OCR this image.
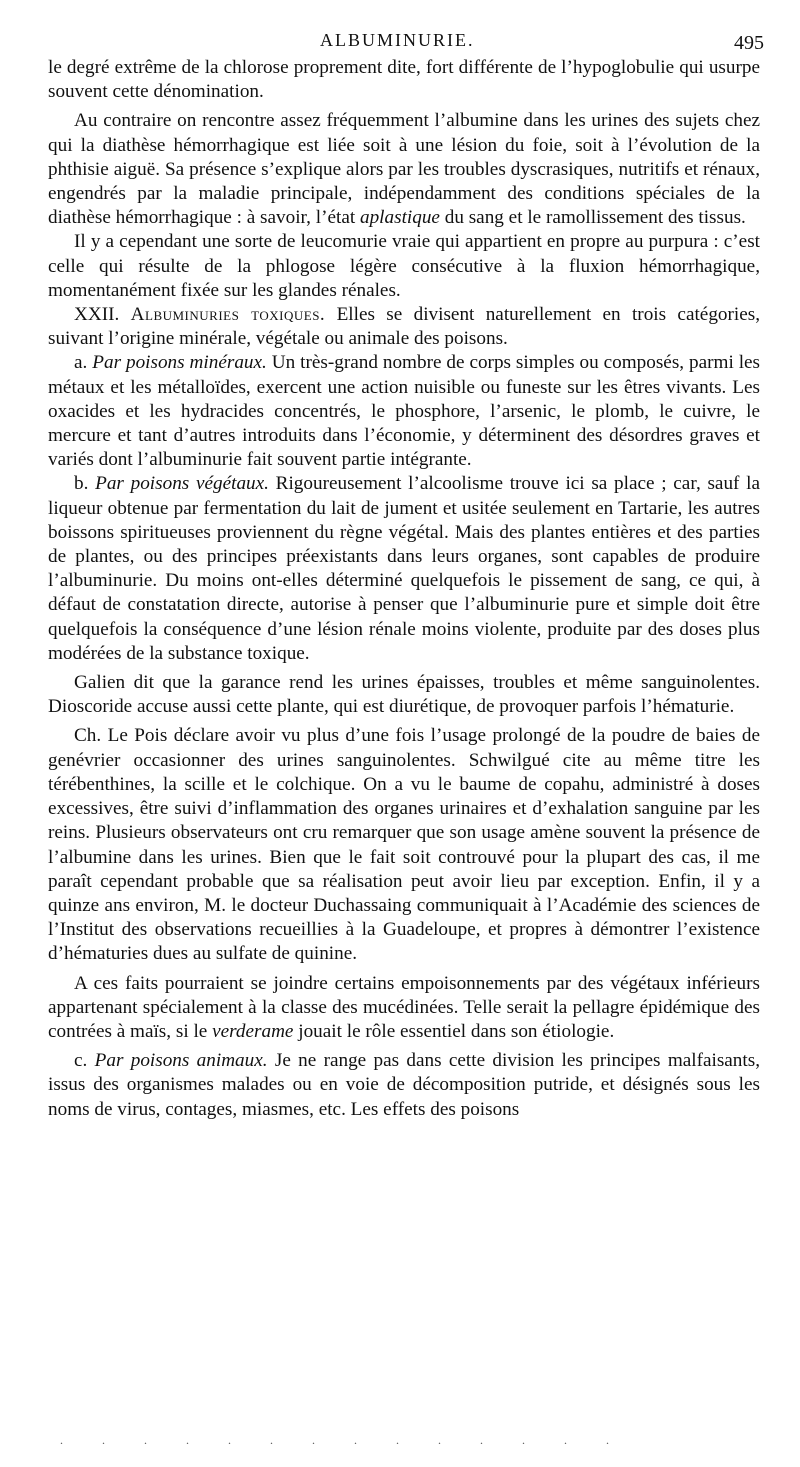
ALBUMINURIE.	495

le degré extrême de la chlorose proprement dite, fort différente de l’hypoglobulie qui usurpe souvent cette dénomination.

Au contraire on rencontre assez fréquemment l’albumine dans les urines des sujets chez qui la diathèse hémorrhagique est liée soit à une lésion du foie, soit à l’évolution de la phthisie aiguë. Sa présence s’explique alors par les troubles dyscrasiques, nutritifs et rénaux, engendrés par la maladie principale, indépendamment des conditions spéciales de la diathèse hémorrhagique : à savoir, l’état aplastique du sang et le ramollissement des tissus.

Il y a cependant une sorte de leucomurie vraie qui appartient en propre au purpura : c’est celle qui résulte de la phlogose légère consécutive à la fluxion hémorrhagique, momentanément fixée sur les glandes rénales.

XXII. Albuminuries toxiques. Elles se divisent naturellement en trois catégories, suivant l’origine minérale, végétale ou animale des poisons.

a. Par poisons minéraux. Un très-grand nombre de corps simples ou composés, parmi les métaux et les métalloïdes, exercent une action nuisible ou funeste sur les êtres vivants. Les oxacides et les hydracides concentrés, le phosphore, l’arsenic, le plomb, le cuivre, le mercure et tant d’autres introduits dans l’économie, y déterminent des désordres graves et variés dont l’albuminurie fait souvent partie intégrante.

b. Par poisons végétaux. Rigoureusement l’alcoolisme trouve ici sa place ; car, sauf la liqueur obtenue par fermentation du lait de jument et usitée seulement en Tartarie, les autres boissons spiritueuses proviennent du règne végétal. Mais des plantes entières et des parties de plantes, ou des principes préexistants dans leurs organes, sont capables de produire l’albuminurie. Du moins ont-elles déterminé quelquefois le pissement de sang, ce qui, à défaut de constatation directe, autorise à penser que l’albuminurie pure et simple doit être quelquefois la conséquence d’une lésion rénale moins violente, produite par des doses plus modérées de la substance toxique.

Galien dit que la garance rend les urines épaisses, troubles et même sanguinolentes. Dioscoride accuse aussi cette plante, qui est diurétique, de provoquer parfois l’hématurie.

Ch. Le Pois déclare avoir vu plus d’une fois l’usage prolongé de la poudre de baies de genévrier occasionner des urines sanguinolentes. Schwilgué cite au même titre les térébenthines, la scille et le colchique. On a vu le baume de copahu, administré à doses excessives, être suivi d’inflammation des organes urinaires et d’exhalation sanguine par les reins. Plusieurs observateurs ont cru remarquer que son usage amène souvent la présence de l’albumine dans les urines. Bien que le fait soit controuvé pour la plupart des cas, il me paraît cependant probable que sa réalisation peut avoir lieu par exception. Enfin, il y a quinze ans environ, M. le docteur Duchassaing communiquait à l’Académie des sciences de l’Institut des observations recueillies à la Guadeloupe, et propres à démontrer l’existence d’hématuries dues au sulfate de quinine.

A ces faits pourraient se joindre certains empoisonnements par des végétaux inférieurs appartenant spécialement à la classe des mucédinées. Telle serait la pellagre épidémique des contrées à maïs, si le verderame jouait le rôle essentiel dans son étiologie.

c. Par poisons animaux. Je ne range pas dans cette division les principes malfaisants, issus des organismes malades ou en voie de décomposition putride, et désignés sous les noms de virus, contages, miasmes, etc. Les effets des poisons

. . . . . . . . . . . . . .
